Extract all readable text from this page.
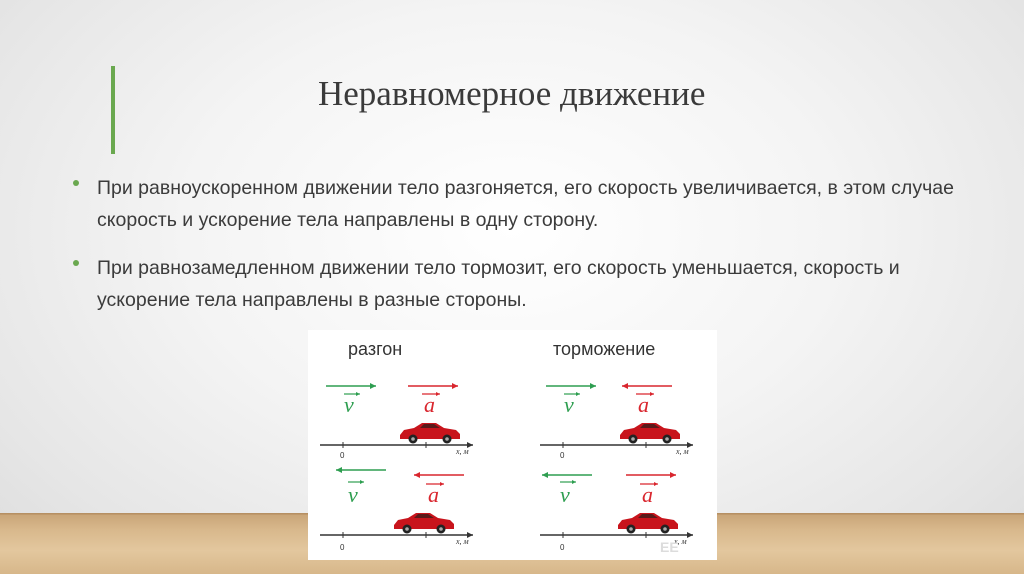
Неравномерное движение
При равноускоренном движении тело разгоняется, его скорость увеличивается, в этом случае скорость и ускорение тела направлены в одну сторону.
При равнозамедленном движении тело тормозит, его скорость уменьшается, скорость и ускорение тела направлены в разные стороны.
разгон	торможение
v	a
0	x, м
v	a
0	x, м
v	a
0
x, м
v	a
0
x, м
EE
